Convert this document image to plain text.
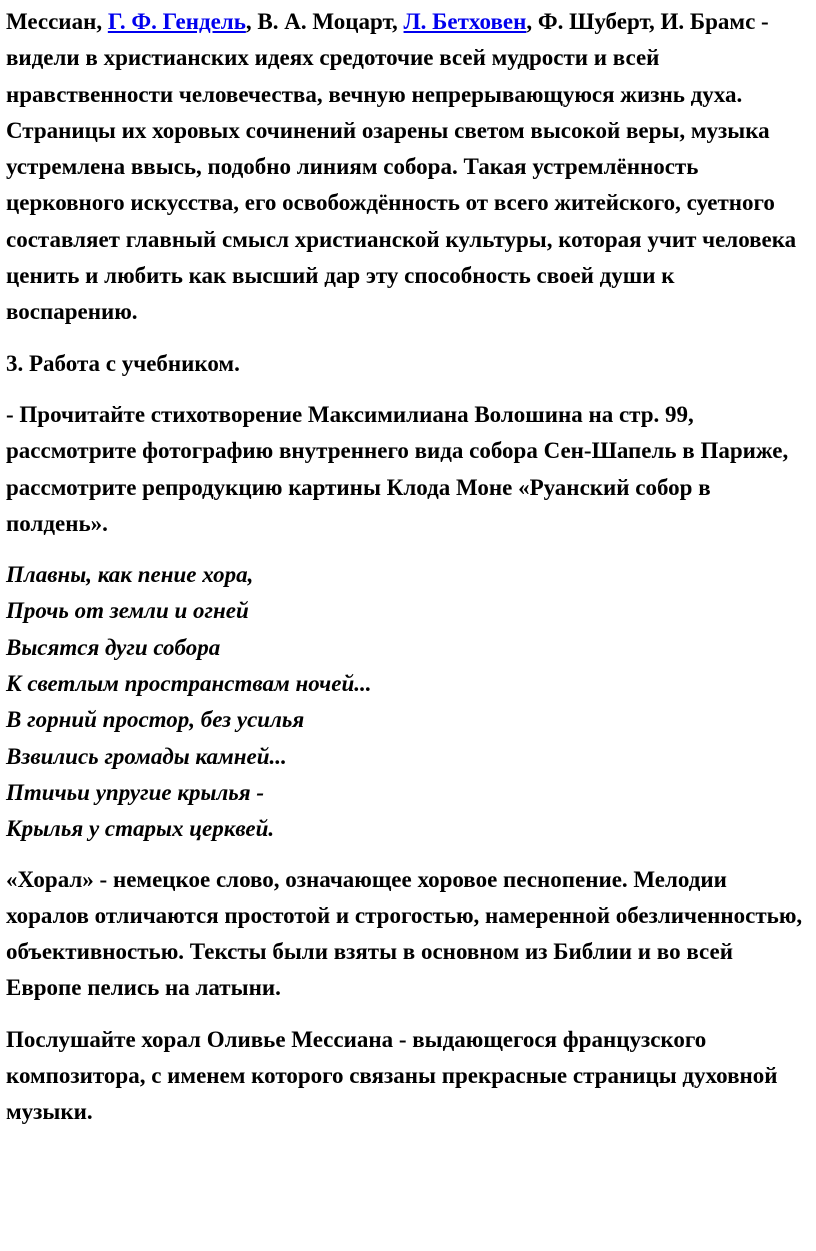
Мессиан, Г. Ф. Гендель, В. А. Моцарт, Л. Бетховен, Ф. Шуберт, И. Брамс - видели в христианских идеях средоточие всей мудрости и всей нравственности человечества, вечную непрерывающуюся жизнь духа. Страницы их хоровых сочинений озарены светом высокой веры, музыка устремлена ввысь, подобно линиям собора. Такая устремлённость церковного искусства, его освобождённость от всего житейского, суетного составляет главный смысл христианской культуры, которая учит человека ценить и любить как высший дар эту способность своей души к воспарению.

3. Работа с учебником.

- Прочитайте стихотворение Максимилиана Волошина на стр. 99, рассмотрите фотографию внутреннего вида собора Сен-Шапель в Париже, рассмотрите репродукцию картины Клода Моне «Руанский собор в полдень».

Плавны, как пение хора,
Прочь от земли и огней
Высятся дуги собора
К светлым пространствам ночей...
В горний простор, без усилья
Взвились громады камней...
Птичьи упругие крылья -
Крылья у старых церквей.

«Хорал» - немецкое слово, означающее хоровое песнопение. Мелодии хоралов отличаются простотой и строгостью, намеренной обезличенностью, объективностью. Тексты были взяты в основном из Библии и во всей Европе пелись на латыни.

Послушайте хорал Оливье Мессиана - выдающегося французского композитора, с именем которого связаны прекрасные страницы духовной музыки.
